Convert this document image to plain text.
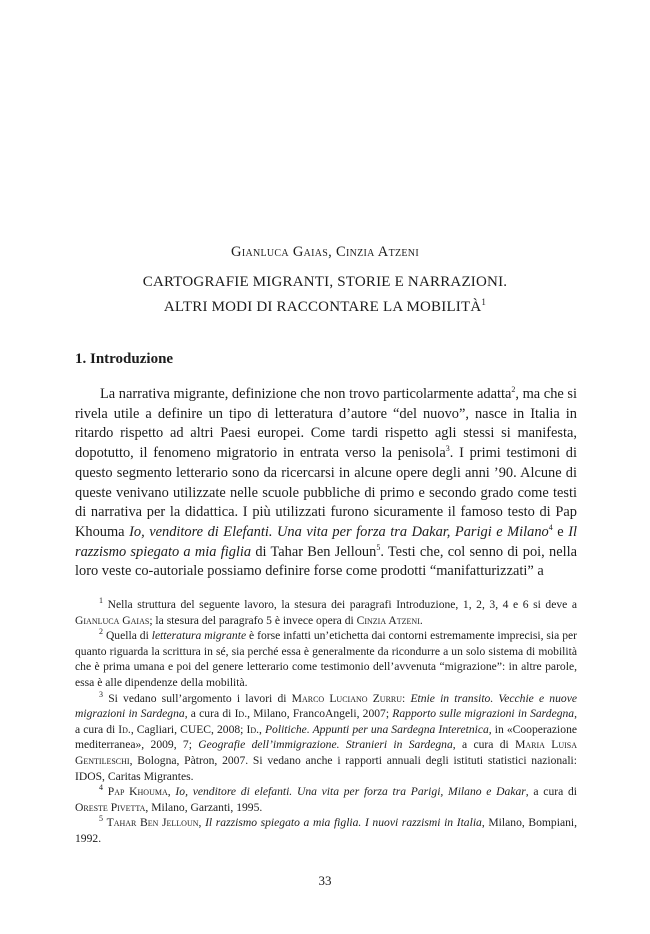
Gianluca Gaias, Cinzia Atzeni
CARTOGRAFIE MIGRANTI, STORIE E NARRAZIONI.
ALTRI MODI DI RACCONTARE LA MOBILITÀ$^1$
1. Introduzione

La narrativa migrante, definizione che non trovo particolarmente adatta$^2$, ma che si rivela utile a definire un tipo di letteratura d’autore “del nuovo”, nasce in Italia in ritardo rispetto ad altri Paesi europei. Come tardi rispetto agli stessi si manifesta, dopotutto, il fenomeno migratorio in entrata verso la penisola$^3$. I primi testimoni di questo segmento letterario sono da ricercarsi in alcune opere degli anni ’90. Alcune di queste venivano utilizzate nelle scuole pubbliche di primo e secondo grado come testi di narrativa per la didattica. I più utilizzati furono sicuramente il famoso testo di Pap Khouma Io, venditore di Elefanti. Una vita per forza tra Dakar, Parigi e Milano$^4$ e Il razzismo spiegato a mia figlia di Tahar Ben Jelloun$^5$. Testi che, col senno di poi, nella loro veste co-autoriale possiamo definire forse come prodotti “manifatturizzati” a

$^1$ Nella struttura del seguente lavoro, la stesura dei paragrafi Introduzione, 1, 2, 3, 4 e 6 si deve a Gianluca Gaias; la stesura del paragrafo 5 è invece opera di Cinzia Atzeni.

$^2$ Quella di letteratura migrante è forse infatti un’etichetta dai contorni estremamente imprecisi, sia per quanto riguarda la scrittura in sé, sia perché essa è generalmente da ricondurre a un solo sistema di mobilità che è prima umana e poi del genere letterario come testimonio dell’avvenuta “migrazione”: in altre parole, essa è alle dipendenze della mobilità.

$^3$ Si vedano sull’argomento i lavori di Marco Luciano Zurru: Etnie in transito. Vecchie e nuove migrazioni in Sardegna, a cura di Id., Milano, FrancoAngeli, 2007; Rapporto sulle migrazioni in Sardegna, a cura di Id., Cagliari, CUEC, 2008; Id., Politiche. Appunti per una Sardegna Interetnica, in «Cooperazione mediterranea», 2009, 7; Geografie dell’immigrazione. Stranieri in Sardegna, a cura di Maria Luisa Gentileschi, Bologna, Pàtron, 2007. Si vedano anche i rapporti annuali degli istituti statistici nazionali: IDOS, Caritas Migrantes.

$^4$ Pap Khouma, Io, venditore di elefanti. Una vita per forza tra Parigi, Milano e Dakar, a cura di Oreste Pivetta, Milano, Garzanti, 1995.

$^5$ Tahar Ben Jelloun, Il razzismo spiegato a mia figlia. I nuovi razzismi in Italia, Milano, Bompiani, 1992.

33
